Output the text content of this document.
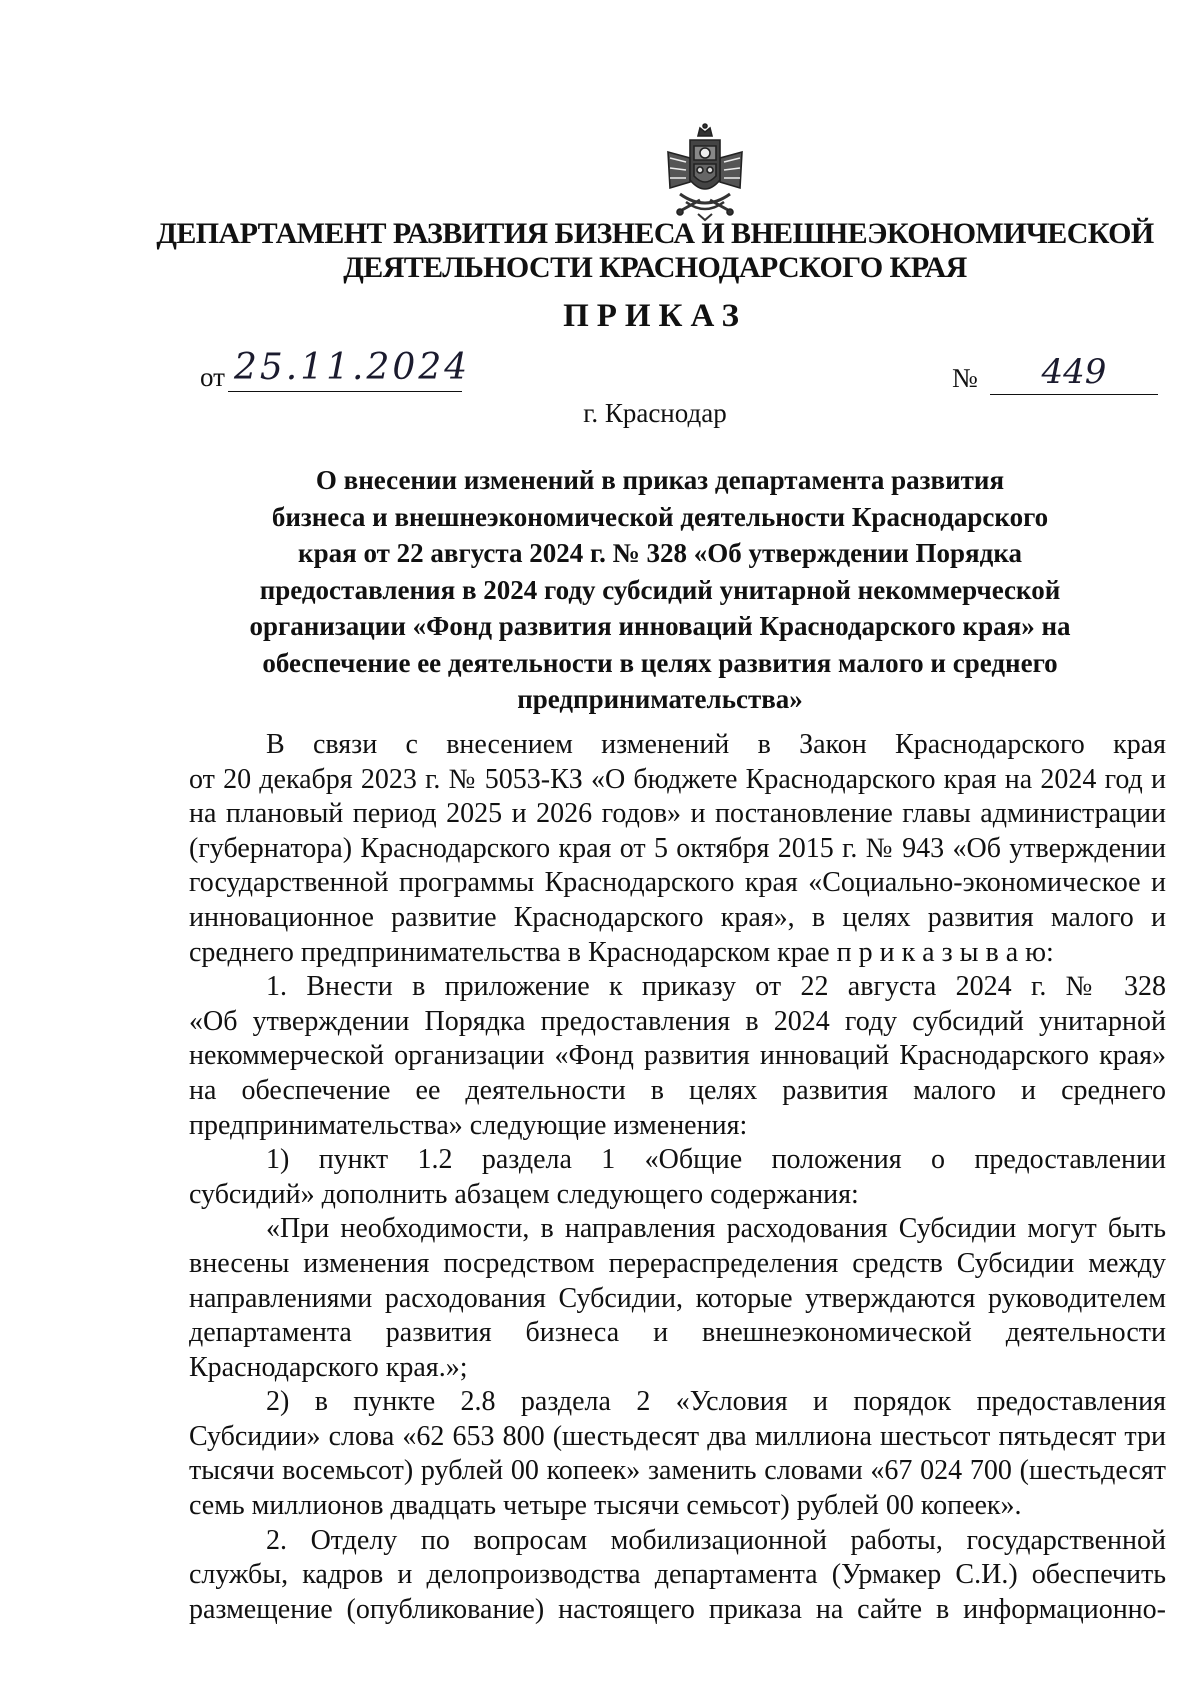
ДЕПАРТАМЕНТ РАЗВИТИЯ БИЗНЕСА И ВНЕШНЕЭКОНОМИЧЕСКОЙ
ДЕЯТЕЛЬНОСТИ КРАСНОДАРСКОГО КРАЯ
ПРИКАЗ
от 25.11.2024	№	449
г. Краснодар
О внесении изменений в приказ департамента развития
бизнеса и внешнеэкономической деятельности Краснодарского
края от 22 августа 2024 г. № 328 «Об утверждении Порядка
предоставления в 2024 году субсидий унитарной некоммерческой
организации «Фонд развития инноваций Краснодарского края» на
обеспечение ее деятельности в целях развития малого и среднего
предпринимательства»
В связи с внесением изменений в Закон Краснодарского края
от 20 декабря 2023 г. № 5053-КЗ «О бюджете Краснодарского края на 2024 год и
на плановый период 2025 и 2026 годов» и постановление главы администрации
(губернатора) Краснодарского края от 5 октября 2015 г. № 943 «Об утверждении
государственной программы Краснодарского края «Социально-экономическое и
инновационное развитие Краснодарского края», в целях развития малого и
среднего предпринимательства в Краснодарском крае п р и к а з ы в а ю:
1. Внести в приложение к приказу от 22 августа 2024 г. № 328
«Об утверждении Порядка предоставления в 2024 году субсидий унитарной
некоммерческой организации «Фонд развития инноваций Краснодарского края»
на обеспечение ее деятельности в целях развития малого и среднего
предпринимательства» следующие изменения:
1) пункт 1.2 раздела 1 «Общие положения о предоставлении
субсидий» дополнить абзацем следующего содержания:
«При необходимости, в направления расходования Субсидии могут быть
внесены изменения посредством перераспределения средств Субсидии между
направлениями расходования Субсидии, которые утверждаются руководителем
департамента развития бизнеса и внешнеэкономической деятельности
Краснодарского края.»;
2) в пункте 2.8 раздела 2 «Условия и порядок предоставления
Субсидии» слова «62 653 800 (шестьдесят два миллиона шестьсот пятьдесят три
тысячи восемьсот) рублей 00 копеек» заменить словами «67 024 700 (шестьдесят
семь миллионов двадцать четыре тысячи семьсот) рублей 00 копеек».
2. Отделу по вопросам мобилизационной работы, государственной
службы, кадров и делопроизводства департамента (Урмакер С.И.) обеспечить
размещение (опубликование) настоящего приказа на сайте в информационно-
